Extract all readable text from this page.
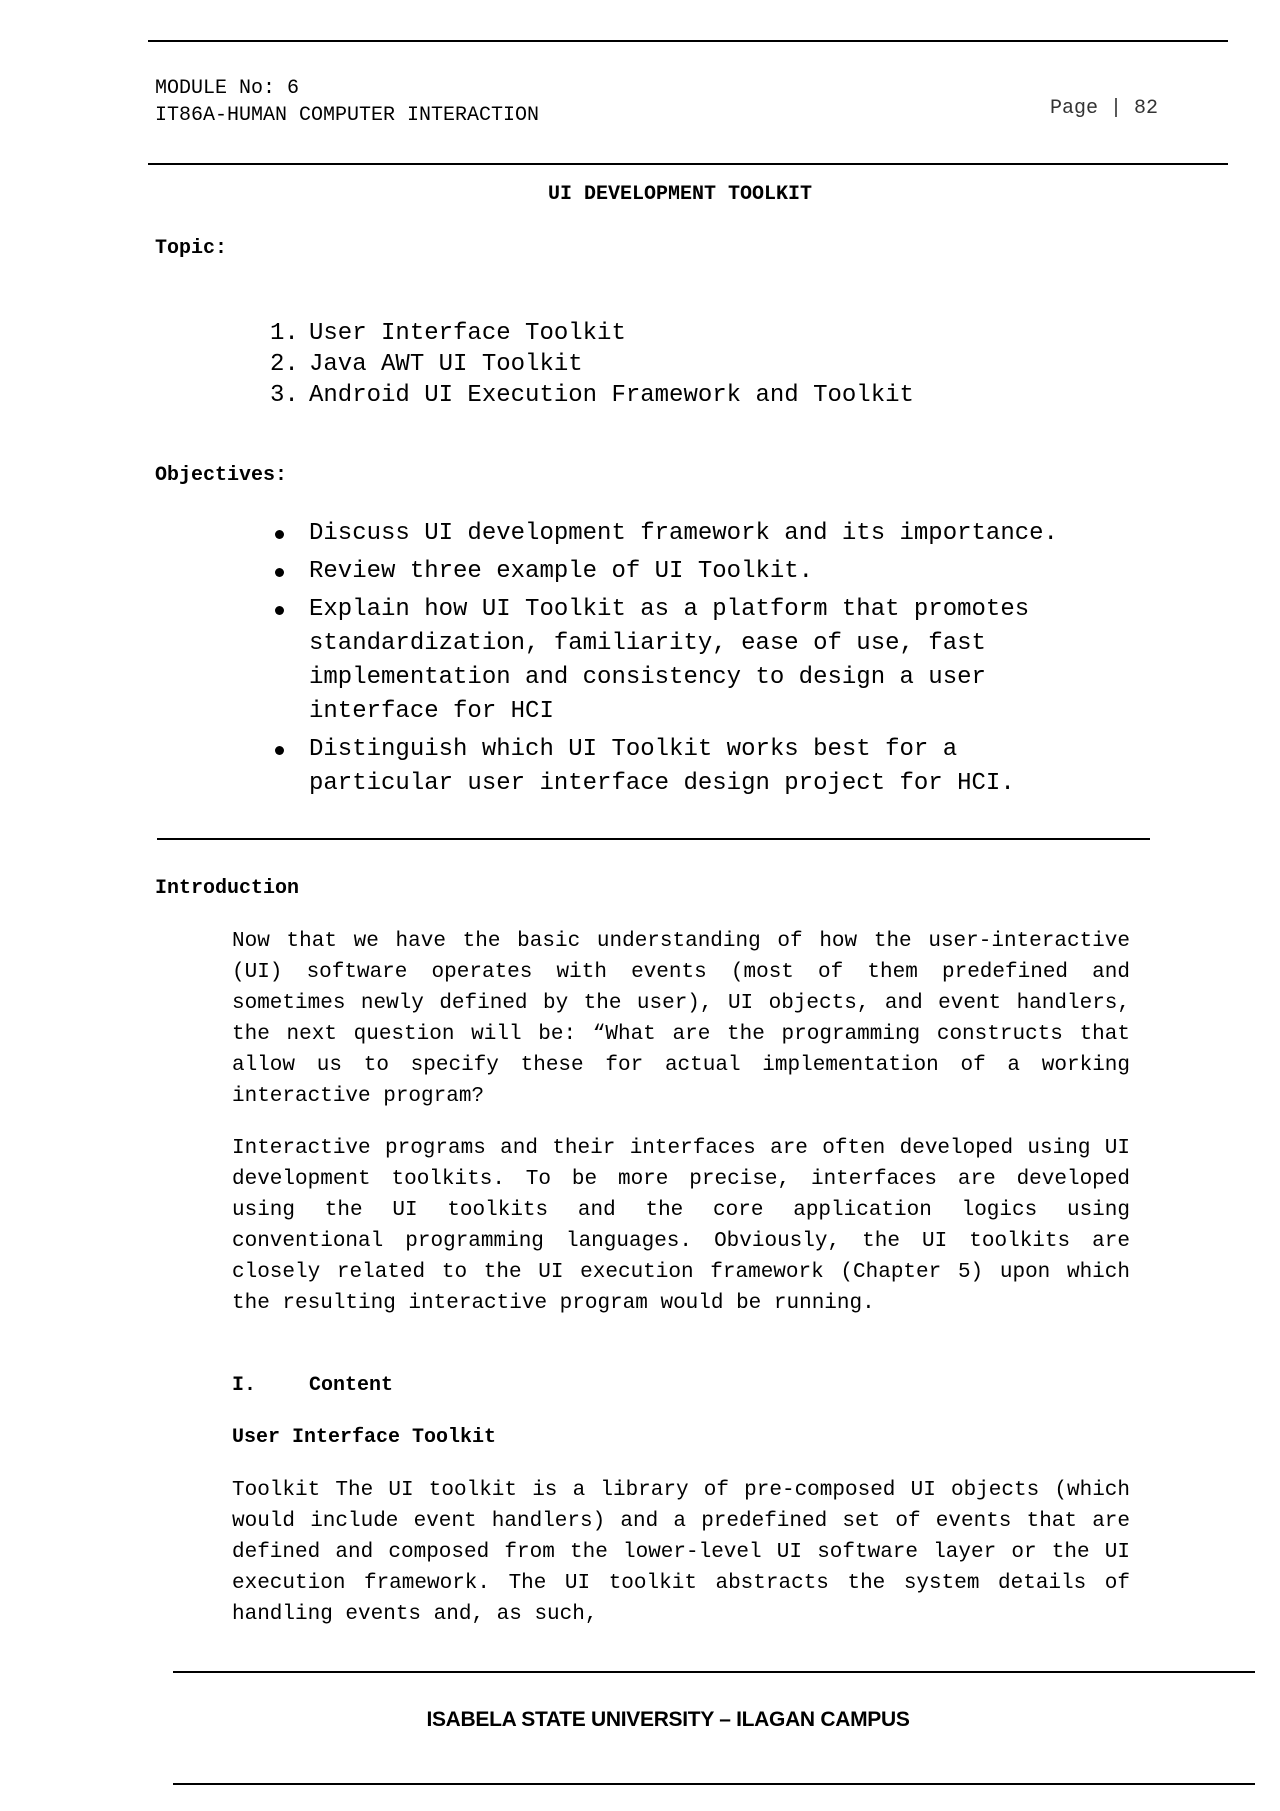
MODULE No: 6
IT86A-HUMAN COMPUTER INTERACTION	Page | 82
UI DEVELOPMENT TOOLKIT
Topic:
1. User Interface Toolkit
2. Java AWT UI Toolkit
3. Android UI Execution Framework and Toolkit
Objectives:
Discuss UI development framework and its importance.
Review three example of UI Toolkit.
Explain how UI Toolkit as a platform that promotes standardization, familiarity, ease of use, fast implementation and consistency to design a user interface for HCI
Distinguish which UI Toolkit works best for a particular user interface design project for HCI.
Introduction

Now that we have the basic understanding of how the user-interactive (UI) software operates with events (most of them predefined and sometimes newly defined by the user), UI objects, and event handlers, the next question will be: “What are the programming constructs that allow us to specify these for actual implementation of a working interactive program?

Interactive programs and their interfaces are often developed using UI development toolkits. To be more precise, interfaces are developed using the UI toolkits and the core application logics using conventional programming languages. Obviously, the UI toolkits are closely related to the UI execution framework (Chapter 5) upon which the resulting interactive program would be running.

I.	Content
User Interface Toolkit

Toolkit The UI toolkit is a library of pre-composed UI objects (which would include event handlers) and a predefined set of events that are defined and composed from the lower-level UI software layer or the UI execution framework. The UI toolkit abstracts the system details of handling events and, as such,

ISABELA STATE UNIVERSITY – ILAGAN CAMPUS
